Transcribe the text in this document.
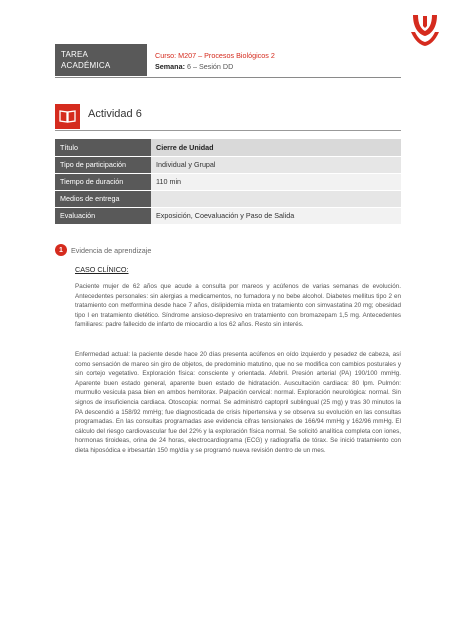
TAREA
ACADÉMICA
Curso: M207 – Procesos Biológicos 2
Semana: 6 – Sesión DD
Actividad 6
Título	Cierre de Unidad
Tipo de participación	Individual y Grupal
Tiempo de duración	110 min
Medios de entrega	
Evaluación	Exposición, Coevaluación y Paso de Salida
1	Evidencia de aprendizaje
CASO CLÍNICO:
Paciente mujer de 62 años que acude a consulta por mareos y acúfenos de varias semanas de evolución. Antecedentes personales: sin alergias a medicamentos, no fumadora y no bebe alcohol. Diabetes mellitus tipo 2 en tratamiento con metformina desde hace 7 años, dislipidemia mixta en tratamiento con simvastatina 20 mg; obesidad tipo I en tratamiento dietético. Síndrome ansioso-depresivo en tratamiento con bromazepam 1,5 mg. Antecedentes familiares: padre fallecido de infarto de miocardio a los 62 años. Resto sin interés.
Enfermedad actual: la paciente desde hace 20 días presenta acúfenos en oído izquierdo y pesadez de cabeza, así como sensación de mareo sin giro de objetos, de predominio matutino, que no se modifica con cambios posturales y sin cortejo vegetativo. Exploración física: consciente y orientada. Afebril. Presión arterial (PA) 190/100 mmHg. Aparente buen estado general, aparente buen estado de hidratación. Auscultación cardiaca: 80 lpm. Pulmón: murmullo vesicula pasa bien en ambos hemitorax. Palpación cervical: normal. Exploración neurológica: normal. Sin signos de insuficiencia cardiaca. Otoscopia: normal. Se administró captopril sublingual (25 mg) y tras 30 minutos la PA descendió a 158/92 mmHg; fue diagnosticada de crisis hipertensiva y se observa su evolución en las consultas programadas. En las consultas programadas ase evidencia cifras tensionales de 166/94 mmHg y 162/96 mmHg. El cálculo del riesgo cardiovascular fue del 22% y la exploración física normal. Se solicitó analítica completa con iones, hormonas tiroideas, orina de 24 horas, electrocardiograma (ECG) y radiografía de tórax. Se inició tratamiento con dieta hiposódica e irbesartán 150 mg/día y se programó nueva revisión dentro de un mes.
